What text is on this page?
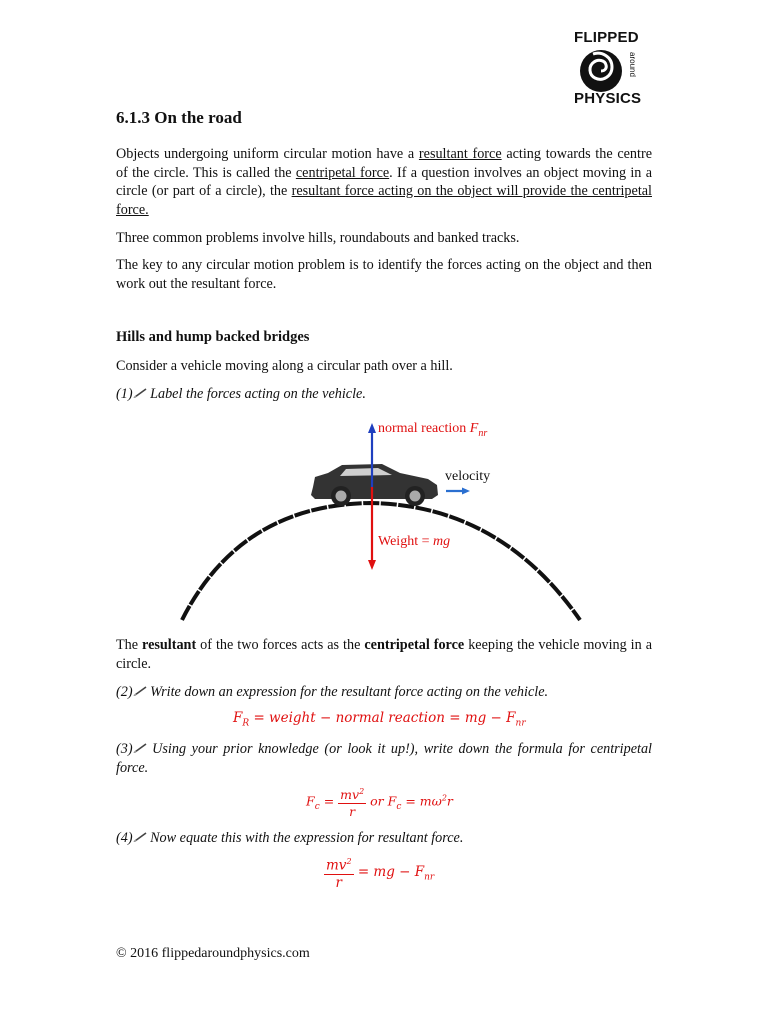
FLIPPED
around
PHYSICS
6.1.3 On the road
Objects undergoing uniform circular motion have a resultant force acting towards the centre of the circle. This is called the centripetal force. If a question involves an object moving in a circle (or part of a circle), the resultant force acting on the object will provide the centripetal force.
Three common problems involve hills, roundabouts and banked tracks.
The key to any circular motion problem is to identify the forces acting on the object and then work out the resultant force.
Hills and hump backed bridges
Consider a vehicle moving along a circular path over a hill.
(1) Label the forces acting on the vehicle.
normal reaction $F_{nr}$
velocity
Weight = mg
The resultant of the two forces acts as the centripetal force keeping the vehicle moving in a circle.
(2) Write down an expression for the resultant force acting on the vehicle.
$F_R$ = weight − normal reaction = mg − $F_{nr}$
(3) Using your prior knowledge (or look it up!), write down the formula for centripetal force.
$F_c = \frac{mv^2}{r}$ or $F_c = m\omega^2r$
(4) Now equate this with the expression for resultant force.
$\frac{mv^2}{r}$ = mg − $F_{nr}$
© 2016 flippedaroundphysics.com
